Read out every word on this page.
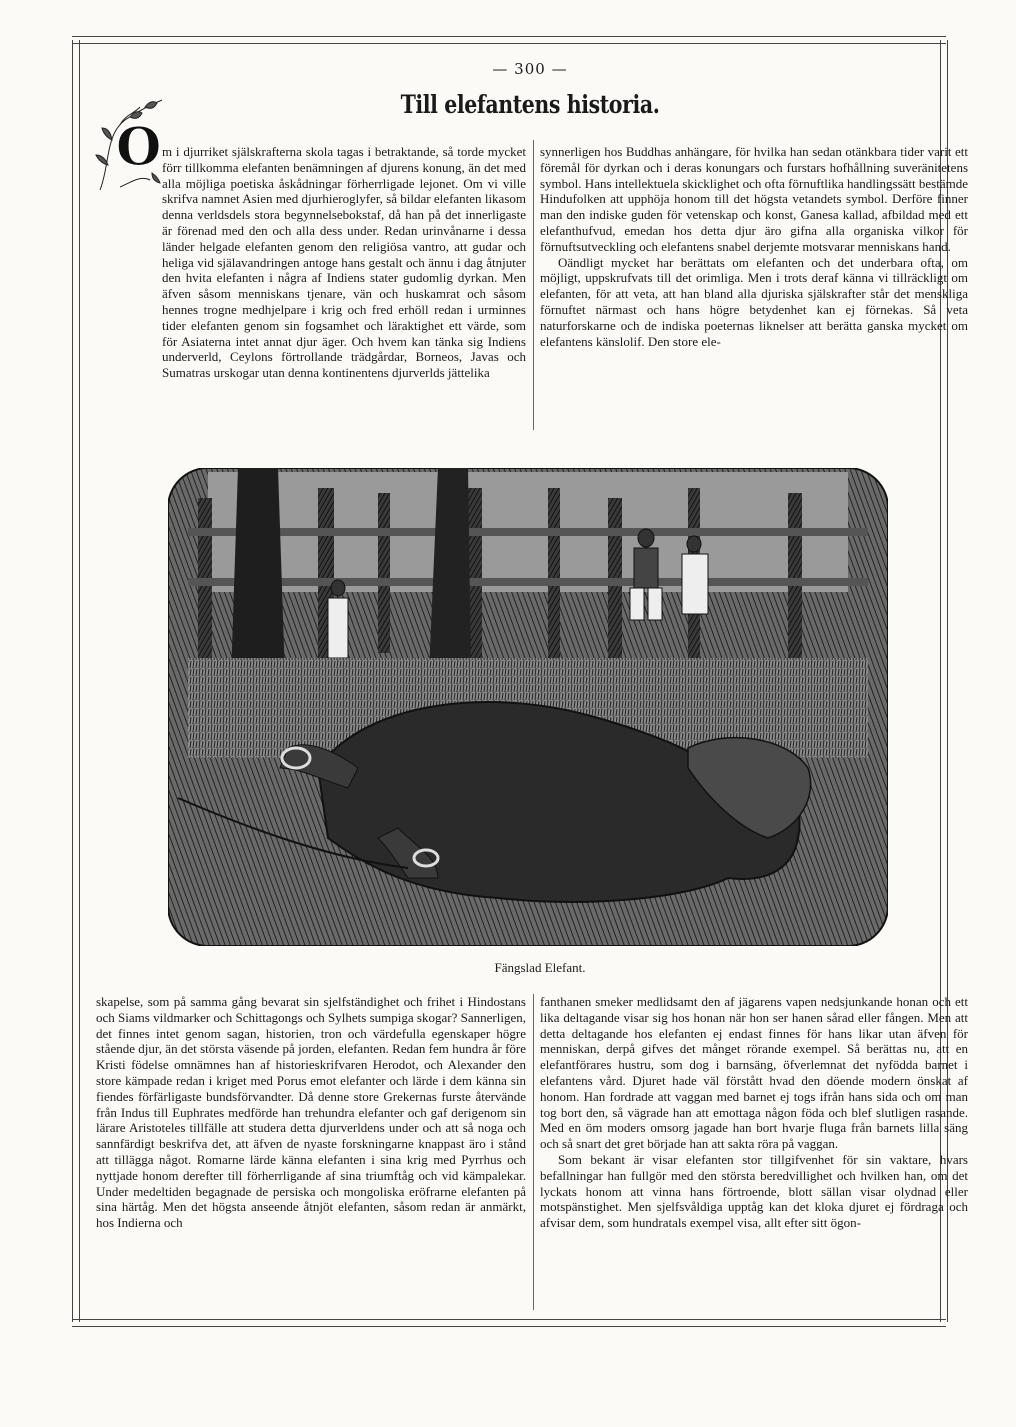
— 300 —
Till elefantens historia.
O m i djurriket själskrafterna skola tagas i betraktande, så torde mycket förr tillkomma elefanten benämningen af djurens konung, än det med alla möjliga poetiska åskådningar förherrligade lejonet. Om vi ville skrifva namnet Asien med djurhieroglyfer, så bildar elefanten likasom denna verldsdels stora begynnelsebokstaf, då han på det innerligaste är förenad med den och alla dess under. Redan urinvånarne i dessa länder helgade elefanten genom den religiösa vantro, att gudar och heliga vid själavandringen antoge hans gestalt och ännu i dag åtnjuter den hvita elefanten i några af Indiens stater gudomlig dyrkan. Men äfven såsom menniskans tjenare, vän och huskamrat och såsom hennes trogne medhjelpare i krig och fred erhöll redan i urminnes tider elefanten genom sin fogsamhet och läraktighet ett värde, som för Asiaterna intet annat djur äger. Och hvem kan tänka sig Indiens underverld, Ceylons förtrollande trädgårdar, Borneos, Javas och Sumatras urskogar utan denna kontinentens djurverlds jättelika

synnerligen hos Buddhas anhängare, för hvilka han sedan otänkbara tider varit ett föremål för dyrkan och i deras konungars och furstars hofhållning suveränitetens symbol. Hans intellektuela skicklighet och ofta förnuftlika handlingssätt bestämde Hindufolken att upphöja honom till det högsta vetandets symbol. Derföre finner man den indiske guden för vetenskap och konst, Ganesa kallad, afbildad med ett elefanthufvud, emedan hos detta djur äro gifna alla organiska vilkor för förnuftsutveckling och elefantens snabel derjemte motsvarar menniskans hand.

Oändligt mycket har berättats om elefanten och det underbara ofta, om möjligt, uppskrufvats till det orimliga. Men i trots deraf känna vi tillräckligt om elefanten, för att veta, att han bland alla djuriska själskrafter står det menskliga förnuftet närmast och hans högre betydenhet kan ej förnekas. Så veta naturforskarne och de indiska poeternas liknelser att berätta ganska mycket om elefantens känslolif. Den store ele-

Fängslad Elefant.

skapelse, som på samma gång bevarat sin sjelfständighet och frihet i Hindostans och Siams vildmarker och Schittagongs och Sylhets sumpiga skogar? Sannerligen, det finnes intet genom sagan, historien, tron och värdefulla egenskaper högre stående djur, än det största väsende på jorden, elefanten. Redan fem hundra år före Kristi födelse omnämnes han af historieskrifvaren Herodot, och Alexander den store kämpade redan i kriget med Porus emot elefanter och lärde i dem känna sin fiendes förfärligaste bundsförvandter. Då denne store Grekernas furste återvände från Indus till Euphrates medförde han trehundra elefanter och gaf derigenom sin lärare Aristoteles tillfälle att studera detta djurverldens under och att så noga och sannfärdigt beskrifva det, att äfven de nyaste forskningarne knappast äro i stånd att tillägga något. Romarne lärde känna elefanten i sina krig med Pyrrhus och nyttjade honom derefter till förherrligande af sina triumftåg och vid kämpalekar. Under medeltiden begagnade de persiska och mongoliska eröfrarne elefanten på sina härtåg. Men det högsta anseende åtnjöt elefanten, såsom redan är anmärkt, hos Indierna och

fanthanen smeker medlidsamt den af jägarens vapen nedsjunkande honan och ett lika deltagande visar sig hos honan när hon ser hanen sårad eller fången. Men att detta deltagande hos elefanten ej endast finnes för hans likar utan äfven för menniskan, derpå gifves det månget rörande exempel. Så berättas nu, att en elefantförares hustru, som dog i barnsäng, öfverlemnat det nyfödda barnet i elefantens vård. Djuret hade väl förstått hvad den döende modern önskat af honom. Han fordrade att vaggan med barnet ej togs ifrån hans sida och om man tog bort den, så vägrade han att emottaga någon föda och blef slutligen rasande. Med en öm moders omsorg jagade han bort hvarje fluga från barnets lilla säng och så snart det gret började han att sakta röra på vaggan.

Som bekant är visar elefanten stor tillgifvenhet för sin vaktare, hvars befallningar han fullgör med den största beredvillighet och hvilken han, om det lyckats honom att vinna hans förtroende, blott sällan visar olydnad eller motspänstighet. Men sjelfsvåldiga upptåg kan det kloka djuret ej fördraga och afvisar dem, som hundratals exempel visa, allt efter sitt ögon-
